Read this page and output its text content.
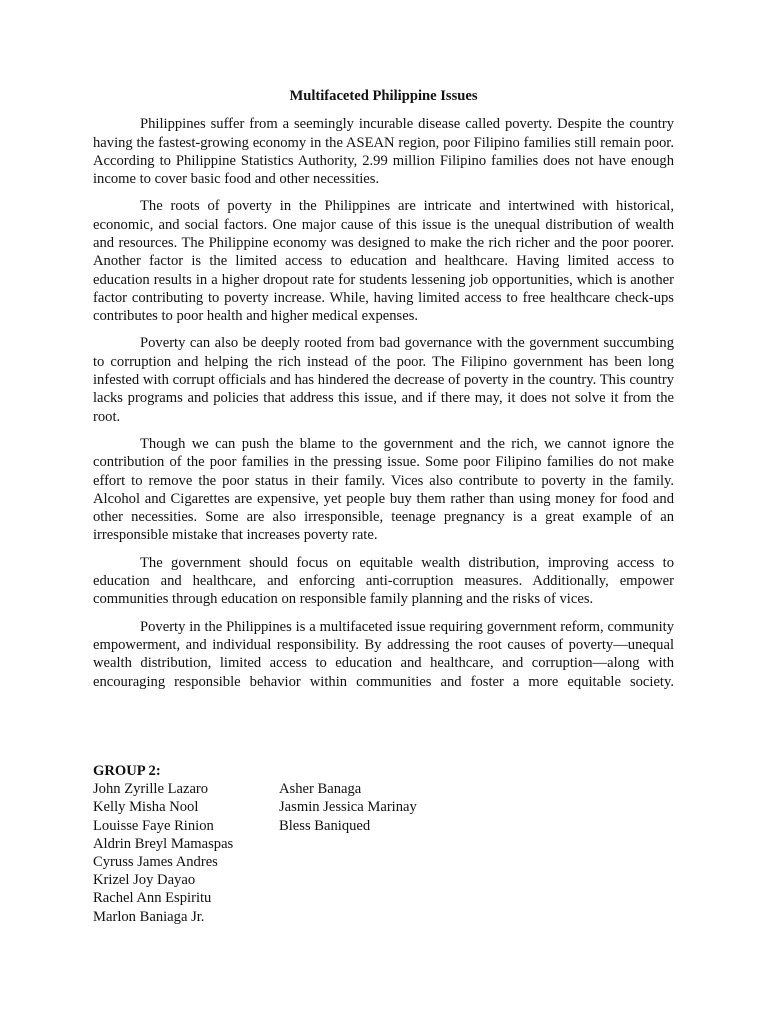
Multifaceted Philippine Issues

Philippines suffer from a seemingly incurable disease called poverty. Despite the country having the fastest-growing economy in the ASEAN region, poor Filipino families still remain poor. According to Philippine Statistics Authority, 2.99 million Filipino families does not have enough income to cover basic food and other necessities.

The roots of poverty in the Philippines are intricate and intertwined with historical, economic, and social factors. One major cause of this issue is the unequal distribution of wealth and resources. The Philippine economy was designed to make the rich richer and the poor poorer. Another factor is the limited access to education and healthcare. Having limited access to education results in a higher dropout rate for students lessening job opportunities, which is another factor contributing to poverty increase. While, having limited access to free healthcare check-ups contributes to poor health and higher medical expenses.

Poverty can also be deeply rooted from bad governance with the government succumbing to corruption and helping the rich instead of the poor. The Filipino government has been long infested with corrupt officials and has hindered the decrease of poverty in the country. This country lacks programs and policies that address this issue, and if there may, it does not solve it from the root.

Though we can push the blame to the government and the rich, we cannot ignore the contribution of the poor families in the pressing issue. Some poor Filipino families do not make effort to remove the poor status in their family. Vices also contribute to poverty in the family. Alcohol and Cigarettes are expensive, yet people buy them rather than using money for food and other necessities. Some are also irresponsible, teenage pregnancy is a great example of an irresponsible mistake that increases poverty rate.

The government should focus on equitable wealth distribution, improving access to education and healthcare, and enforcing anti-corruption measures. Additionally, empower communities through education on responsible family planning and the risks of vices.

Poverty in the Philippines is a multifaceted issue requiring government reform, community empowerment, and individual responsibility. By addressing the root causes of poverty—unequal wealth distribution, limited access to education and healthcare, and corruption—along with encouraging responsible behavior within communities and foster a more equitable society.

GROUP 2:

John Zyrille Lazaro

Kelly Misha Nool

Louisse Faye Rinion

Aldrin Breyl Mamaspas

Cyruss James Andres

Krizel Joy Dayao

Rachel Ann Espiritu

Marlon Baniaga Jr.

Asher Banaga

Jasmin Jessica Marinay

Bless Baniqued
